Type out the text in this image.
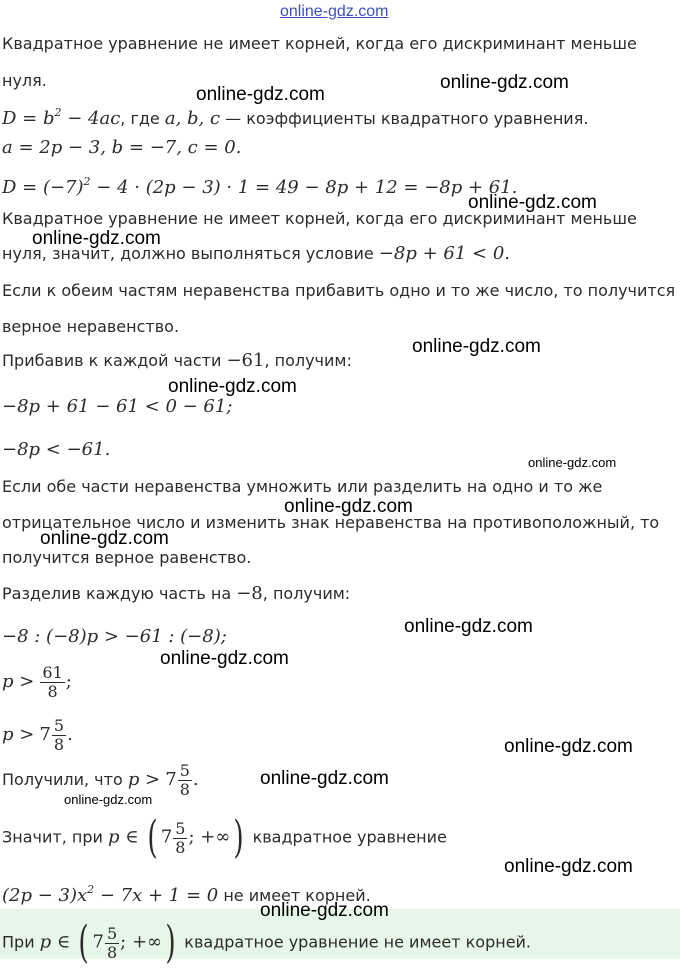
online-gdz.com
Квадратное уравнение не имеет корней, когда его дискриминант меньше
нуля.
$D = b^2 - 4ac$, где a, b, c — коэффициенты квадратного уравнения.
a = 2p − 3, b = −7, c = 0.
$D = (-7)^2 - 4 \cdot (2p - 3) \cdot 1 = 49 - 8p + 12 = -8p + 61$.
Квадратное уравнение не имеет корней, когда его дискриминант меньше
нуля, значит, должно выполняться условие −8p + 61 < 0.
Если к обеим частям неравенства прибавить одно и то же число, то получится
верное неравенство.
Прибавив к каждой части −61, получим:
−8p + 61 − 61 < 0 − 61;
−8p < −61.
Если обе части неравенства умножить или разделить на одно и то же
отрицательное число и изменить знак неравенства на противоположный, то
получится верное равенство.
Разделив каждую часть на −8, получим:
−8 : (−8)p > −61 : (−8);
$p > \frac{61}{8}$ ;
$p > 7 \frac{5}{8}$ .
Получили, что $p > 7 \frac{5}{8}$ .
Значит, при p ∈ ( $7 \frac{5}{8}$ ; +∞) квадратное уравнение
$(2p - 3)x^2 - 7x + 1 = 0$ не имеет корней.
При p ∈ ( $7 \frac{5}{8}$ ; +∞) квадратное уравнение не имеет корней.
online-gdz.com
online-gdz.com
online-gdz.com
online-gdz.com
online-gdz.com
online-gdz.com
online-gdz.com
online-gdz.com
online-gdz.com
online-gdz.com
online-gdz.com
online-gdz.com
online-gdz.com
online-gdz.com
online-gdz.com
online-gdz.com
